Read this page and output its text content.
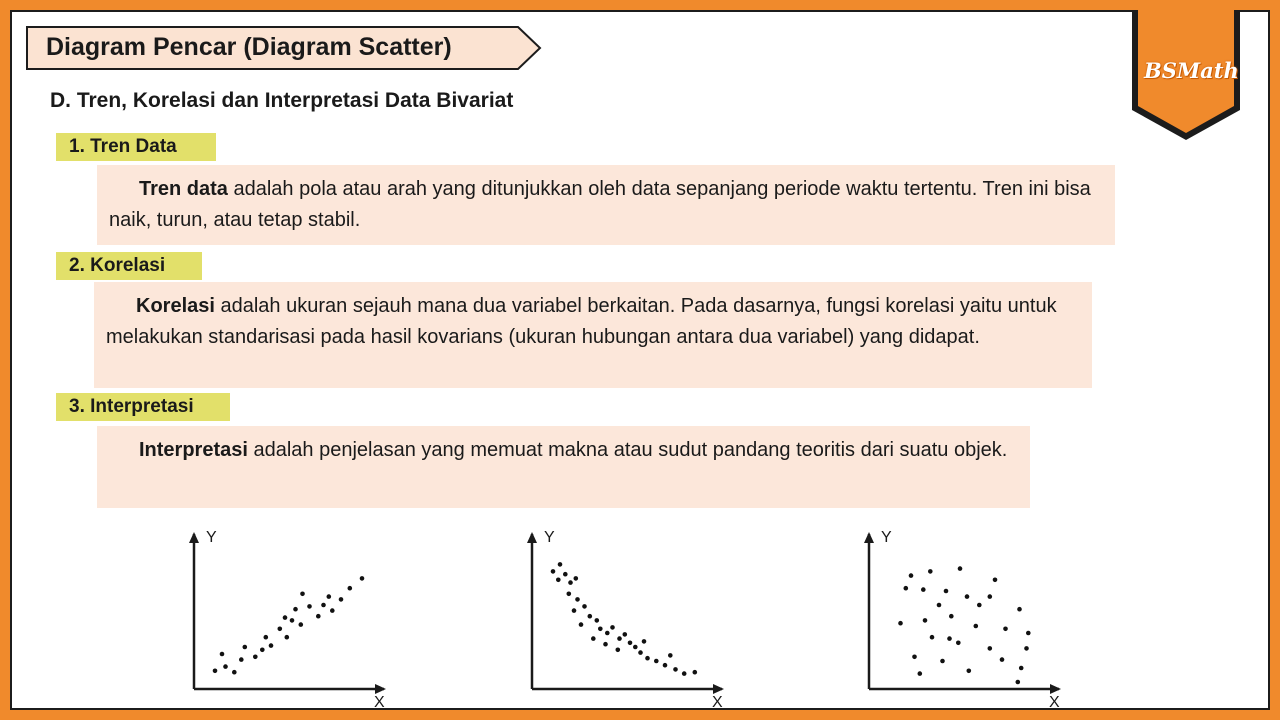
Diagram Pencar (Diagram Scatter)
BSMath
D. Tren, Korelasi dan Interpretasi Data Bivariat
1. Tren Data
Tren data adalah pola atau arah yang ditunjukkan oleh data sepanjang periode waktu tertentu. Tren ini bisa naik, turun, atau tetap stabil.
2. Korelasi
Korelasi adalah ukuran sejauh mana dua variabel berkaitan. Pada dasarnya, fungsi korelasi yaitu untuk melakukan standarisasi pada hasil kovarians (ukuran hubungan antara dua variabel) yang didapat.
3. Interpretasi
Interpretasi adalah penjelasan yang memuat makna atau sudut pandang teoritis dari suatu objek.
Y
X
Y
X
Y
X
